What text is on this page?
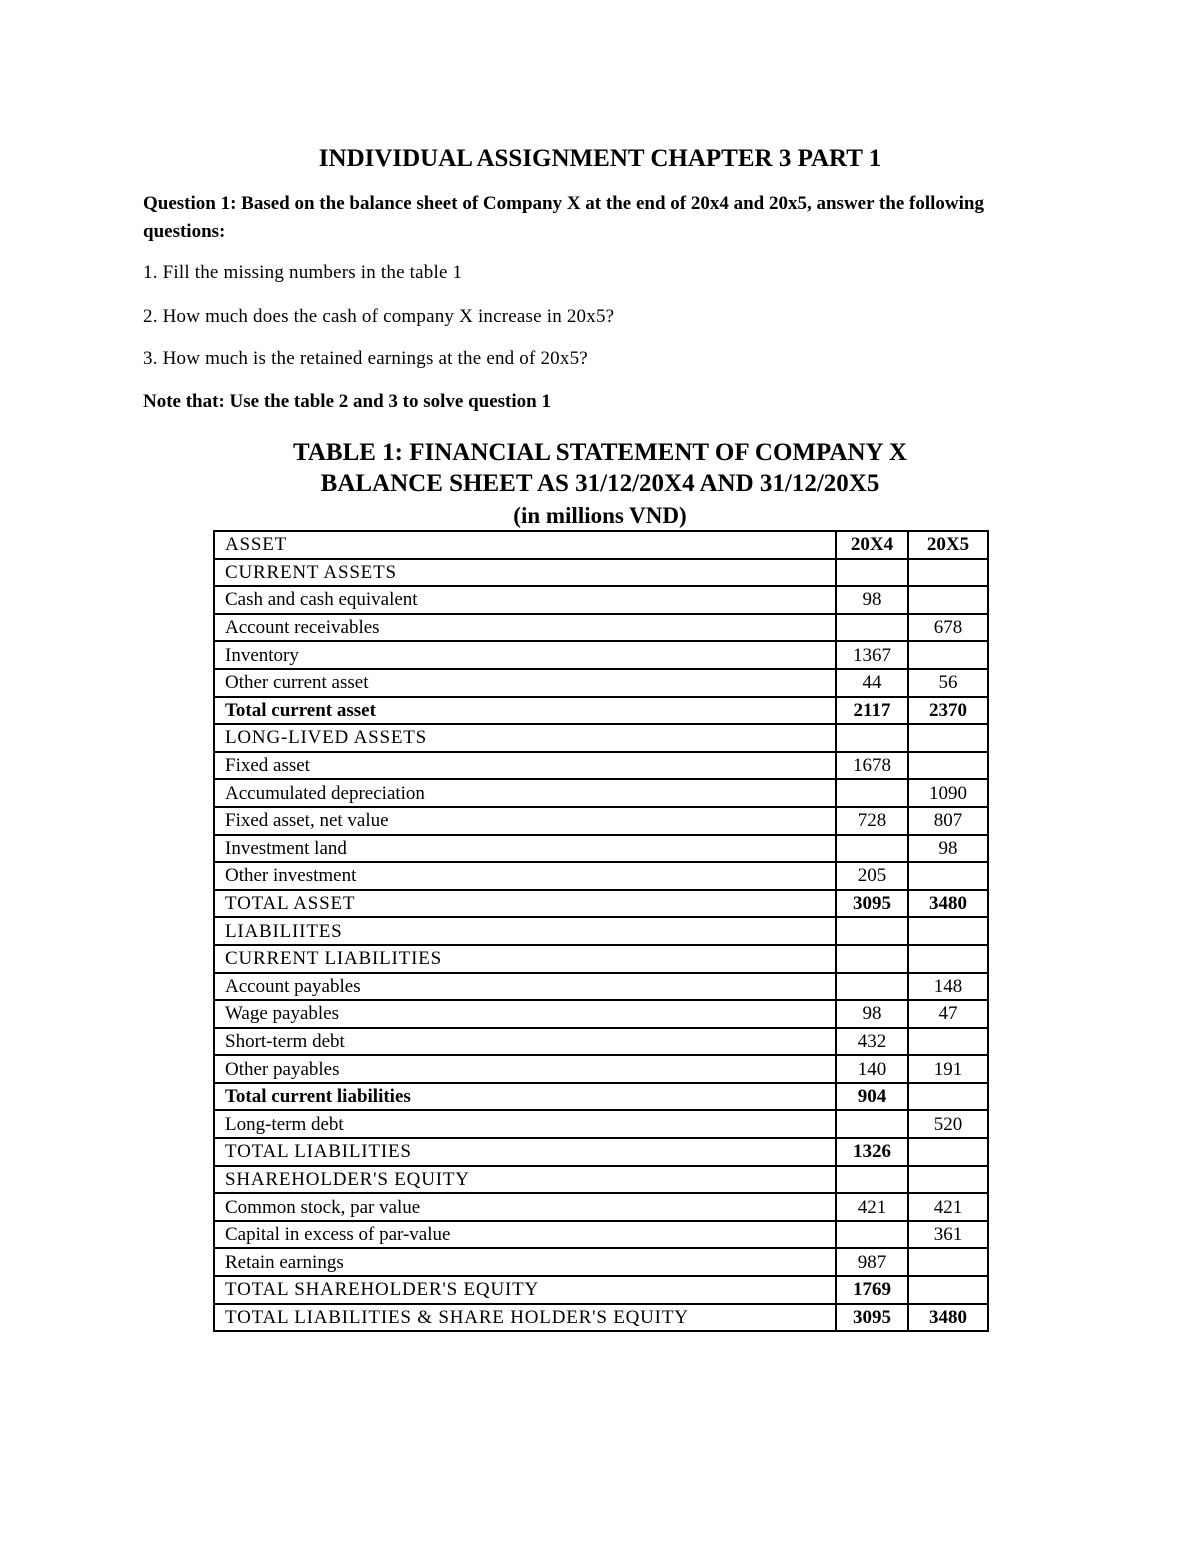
INDIVIDUAL ASSIGNMENT CHAPTER 3 PART 1

Question 1: Based on the balance sheet of Company X at the end of 20x4 and 20x5, answer the following questions:

1. Fill the missing numbers in the table 1

2. How much does the cash of company X increase in 20x5?

3. How much is the retained earnings at the end of 20x5?

Note that: Use the table 2 and 3 to solve question 1

TABLE 1: FINANCIAL STATEMENT OF COMPANY X

BALANCE SHEET AS 31/12/20X4 AND 31/12/20X5

(in millions VND)

ASSET	20X4	20X5
CURRENT ASSETS		
Cash and cash equivalent	98	
Account receivables		678
Inventory	1367	
Other current asset	44	56
Total current asset	2117	2370
LONG-LIVED ASSETS		
Fixed asset	1678	
Accumulated depreciation		1090
Fixed asset, net value	728	807
Investment land		98
Other investment	205	
TOTAL ASSET	3095	3480
LIABILIITES		
CURRENT LIABILITIES		
Account payables		148
Wage payables	98	47
Short-term debt	432	
Other payables	140	191
Total current liabilities	904	
Long-term debt		520
TOTAL LIABILITIES	1326	
SHAREHOLDER'S EQUITY		
Common stock, par value	421	421
Capital in excess of par-value		361
Retain earnings	987	
TOTAL SHAREHOLDER'S EQUITY	1769	
TOTAL LIABILITIES & SHARE HOLDER'S EQUITY	3095	3480
